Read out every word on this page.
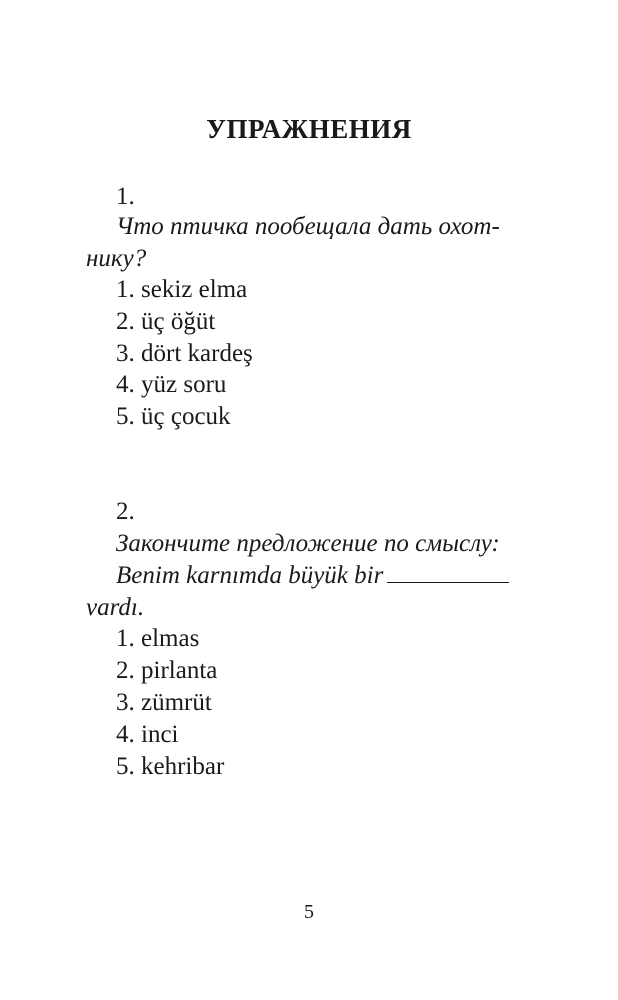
УПРАЖНЕНИЯ
1.
Что птичка пообещала дать охот-
нику?
1. sekiz elma
2. üç öğüt
3. dört kardeş
4. yüz soru
5. üç çocuk
2.
Закончите предложение по смыслу:
Benim karnımda büyük bir
vardı.
1. elmas
2. pirlanta
3. zümrüt
4. inci
5. kehribar
5
